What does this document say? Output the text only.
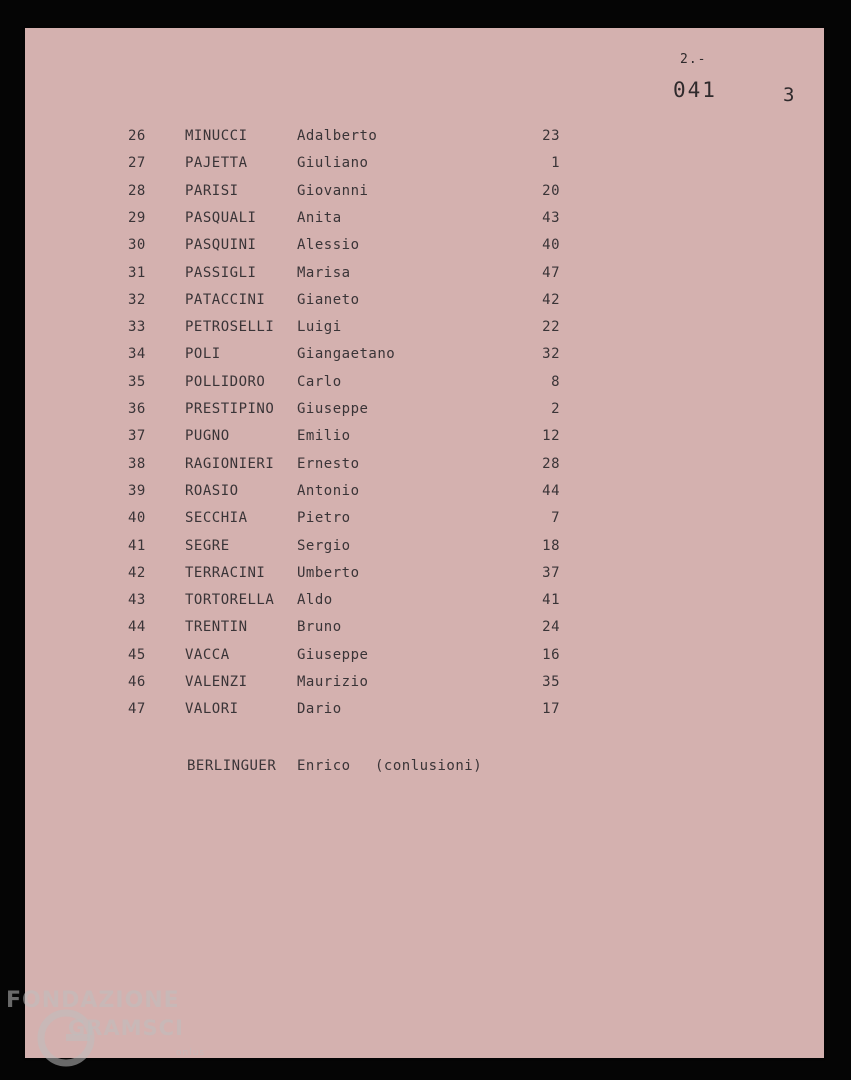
2.-
041	3
26	MINUCCI	Adalberto	23
27	PAJETTA	Giuliano	1
28	PARISI	Giovanni	20
29	PASQUALI	Anita	43
30	PASQUINI	Alessio	40
31	PASSIGLI	Marisa	47
32	PATACCINI Gianeto	42
33	PETROSELLI Luigi	22
34	POLI	Giangaetano	32
35	POLLIDORO Carlo	8
36	PRESTIPINO Giuseppe	2
37	PUGNO	Emilio	12
38	RAGIONIERI Ernesto	28
39	ROASIO	Antonio	44
40	SECCHIA	Pietro	7
41	SEGRE	Sergio	18
42	TERRACINI Umberto	37
43	TORTORELLA Aldo	41
44	TRENTIN	Bruno	24
45	VACCA	Giuseppe	16
46	VALENZI	Maurizio	35
47	VALORI	Dario	17
BERLINGUER Enrico (conlusioni)
FONDAZIONE
GRAMSCI
onlus
